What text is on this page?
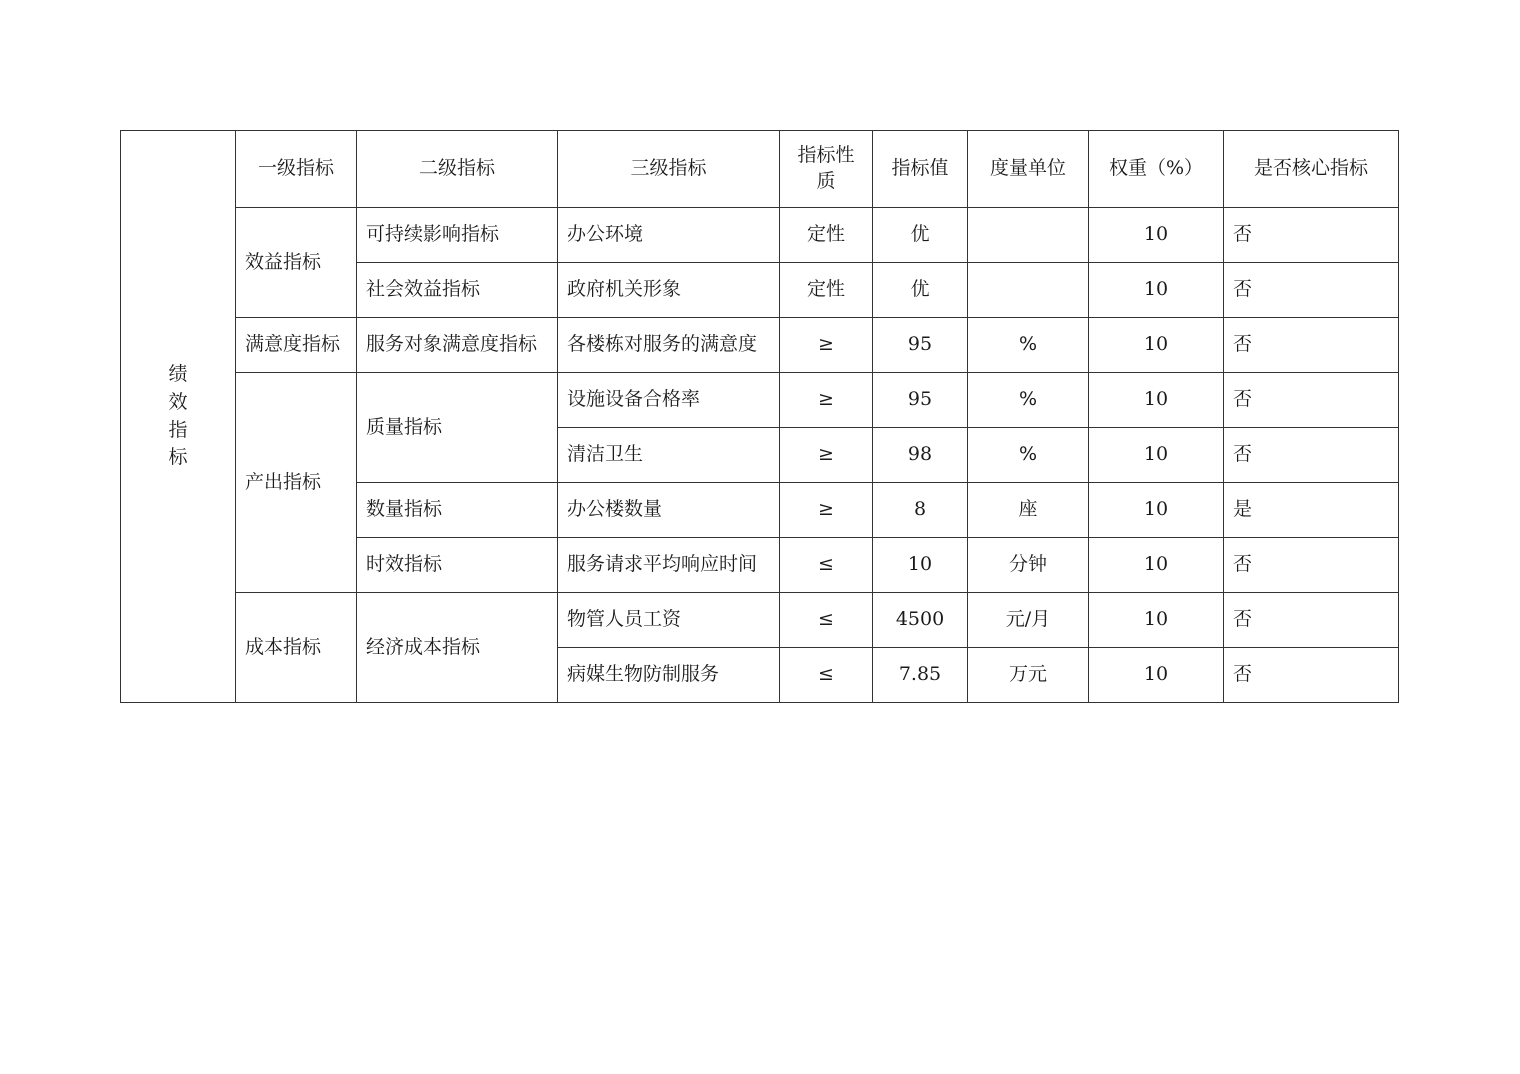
绩效指标	一级指标	二级指标	三级指标	指标性质	指标值	度量单位	权重（%）	是否核心指标
	效益指标	可持续影响指标	办公环境	定性	优		10	否
		社会效益指标	政府机关形象	定性	优		10	否
	满意度指标	服务对象满意度指标	各楼栋对服务的满意度	≥	95	%	10	否
	产出指标	质量指标	设施设备合格率	≥	95	%	10	否
			清洁卫生	≥	98	%	10	否
		数量指标	办公楼数量	≥	8	座	10	是
		时效指标	服务请求平均响应时间	≤	10	分钟	10	否
	成本指标	经济成本指标	物管人员工资	≤	4500	元/月	10	否
			病媒生物防制服务	≤	7.85	万元	10	否
